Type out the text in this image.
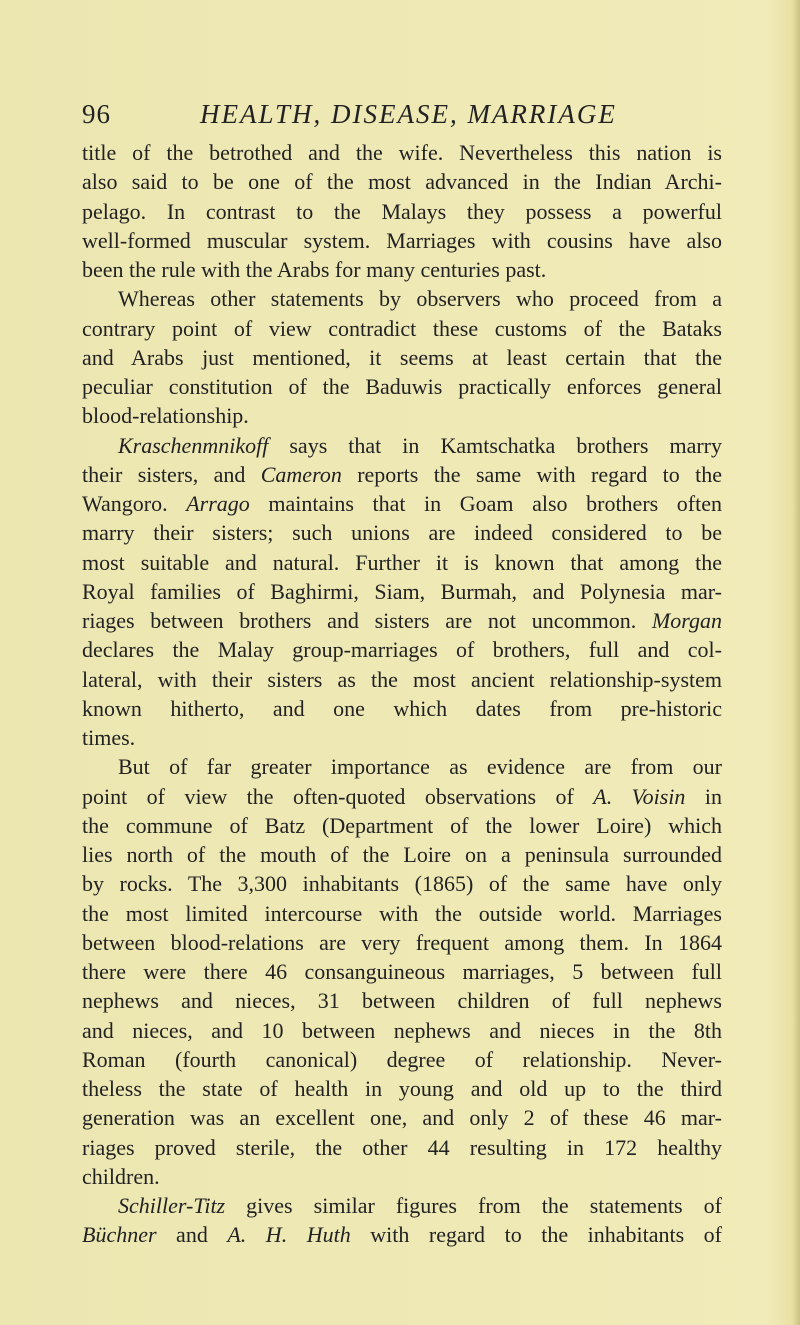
96	HEALTH, DISEASE, MARRIAGE
title of the betrothed and the wife. Nevertheless this nation is
also said to be one of the most advanced in the Indian Archi-
pelago. In contrast to the Malays they possess a powerful
well-formed muscular system. Marriages with cousins have also
been the rule with the Arabs for many centuries past.
Whereas other statements by observers who proceed from a
contrary point of view contradict these customs of the Bataks
and Arabs just mentioned, it seems at least certain that the
peculiar constitution of the Baduwis practically enforces general
blood-relationship.
Kraschenmnikoff says that in Kamtschatka brothers marry
their sisters, and Cameron reports the same with regard to the
Wangoro. Arrago maintains that in Goam also brothers often
marry their sisters; such unions are indeed considered to be
most suitable and natural. Further it is known that among the
Royal families of Baghirmi, Siam, Burmah, and Polynesia mar-
riages between brothers and sisters are not uncommon. Morgan
declares the Malay group-marriages of brothers, full and col-
lateral, with their sisters as the most ancient relationship-system
known hitherto, and one which dates from pre-historic
times.
But of far greater importance as evidence are from our
point of view the often-quoted observations of A. Voisin in
the commune of Batz (Department of the lower Loire) which
lies north of the mouth of the Loire on a peninsula surrounded
by rocks. The 3,300 inhabitants (1865) of the same have only
the most limited intercourse with the outside world. Marriages
between blood-relations are very frequent among them. In 1864
there were there 46 consanguineous marriages, 5 between full
nephews and nieces, 31 between children of full nephews
and nieces, and 10 between nephews and nieces in the 8th
Roman (fourth canonical) degree of relationship. Never-
theless the state of health in young and old up to the third
generation was an excellent one, and only 2 of these 46 mar-
riages proved sterile, the other 44 resulting in 172 healthy
children.
Schiller-Titz gives similar figures from the statements of
Büchner and A. H. Huth with regard to the inhabitants of
